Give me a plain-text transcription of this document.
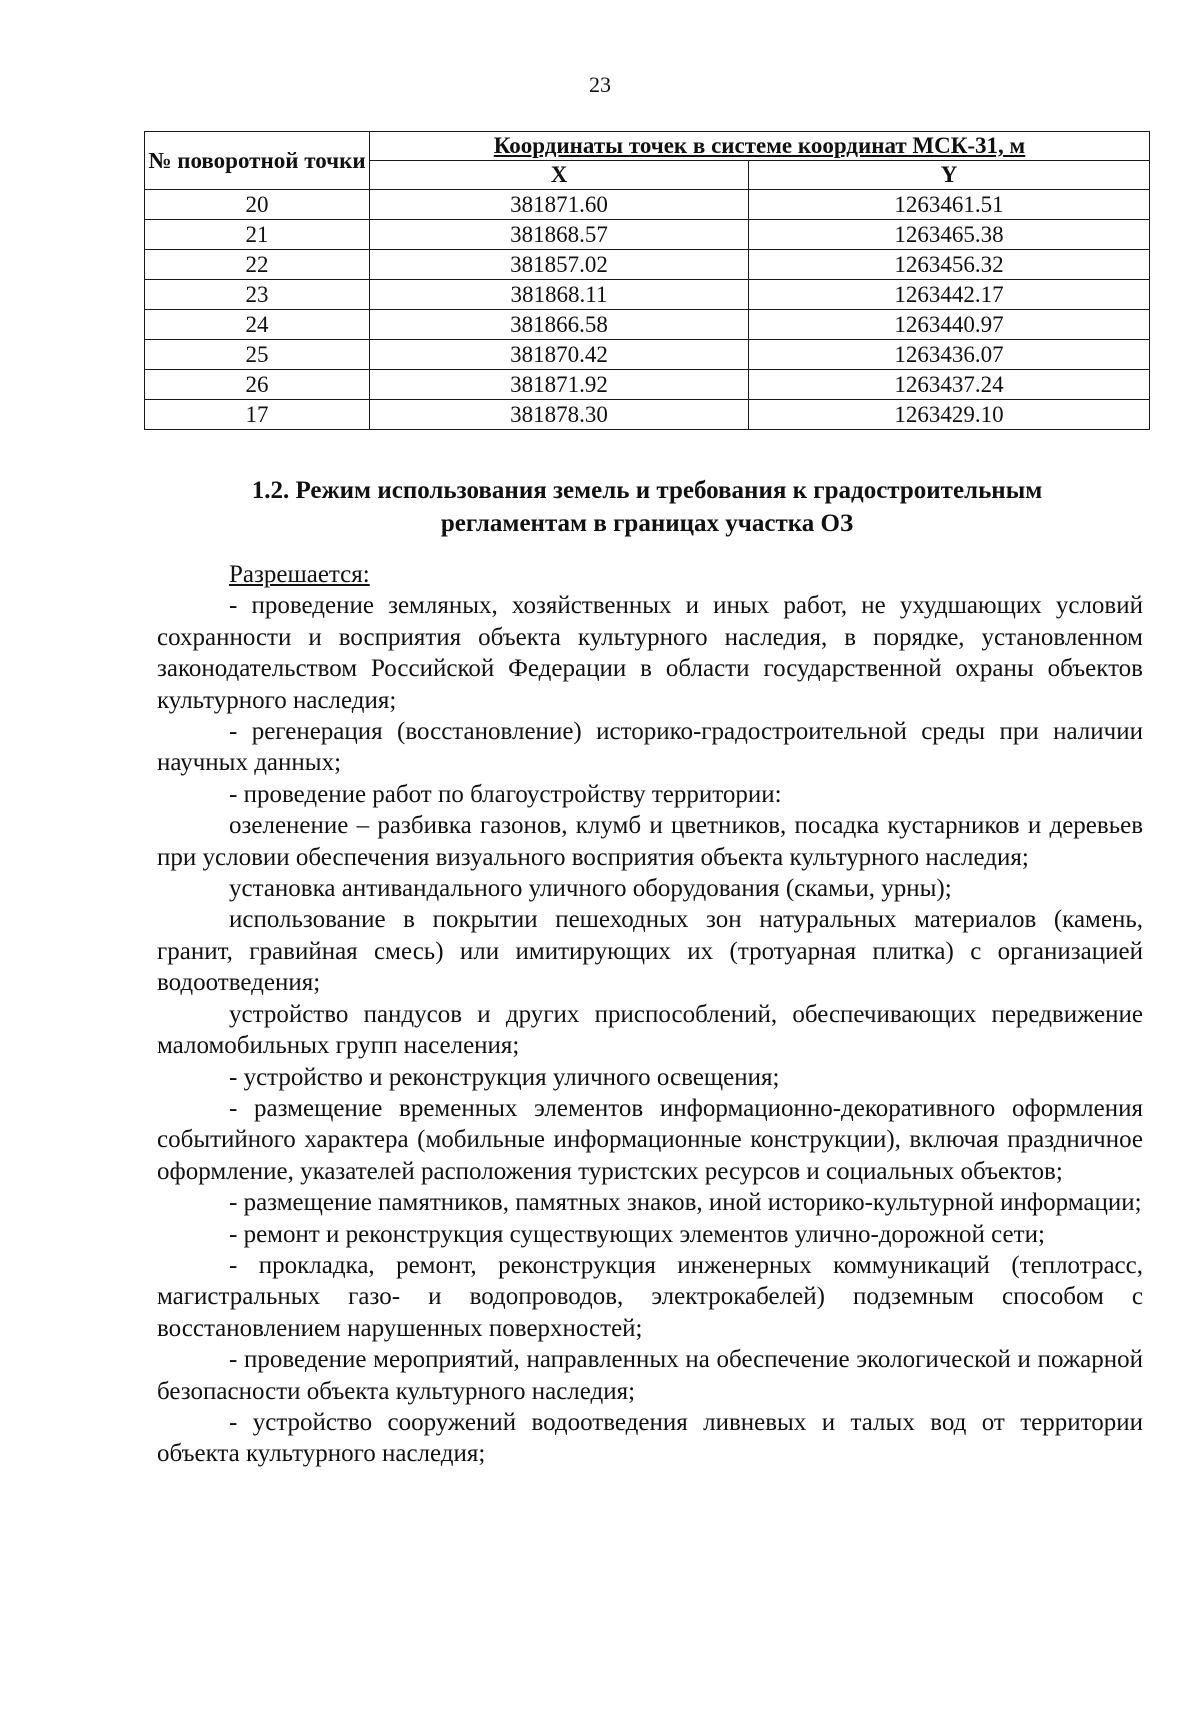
23
№ поворотной точки	Координаты точек в системе координат МСК-31, м	
	X	Y
20	381871.60	1263461.51
21	381868.57	1263465.38
22	381857.02	1263456.32
23	381868.11	1263442.17
24	381866.58	1263440.97
25	381870.42	1263436.07
26	381871.92	1263437.24
17	381878.30	1263429.10
1.2. Режим использования земель и требования к градостроительным
регламентам в границах участка ОЗ

Разрешается:

- проведение земляных, хозяйственных и иных работ, не ухудшающих условий сохранности и восприятия объекта культурного наследия, в порядке, установленном законодательством Российской Федерации в области государственной охраны объектов культурного наследия;

- регенерация (восстановление) историко-градостроительной среды при наличии научных данных;

- проведение работ по благоустройству территории:

озеленение – разбивка газонов, клумб и цветников, посадка кустарников и деревьев при условии обеспечения визуального восприятия объекта культурного наследия;

установка антивандального уличного оборудования (скамьи, урны);

использование в покрытии пешеходных зон натуральных материалов (камень, гранит, гравийная смесь) или имитирующих их (тротуарная плитка) с организацией водоотведения;

устройство пандусов и других приспособлений, обеспечивающих передвижение маломобильных групп населения;

- устройство и реконструкция уличного освещения;

- размещение временных элементов информационно-декоративного оформления событийного характера (мобильные информационные конструкции), включая праздничное оформление, указателей расположения туристских ресурсов и социальных объектов;

- размещение памятников, памятных знаков, иной историко-культурной информации;

- ремонт и реконструкция существующих элементов улично-дорожной сети;

- прокладка, ремонт, реконструкция инженерных коммуникаций (теплотрасс, магистральных газо- и водопроводов, электрокабелей) подземным способом с восстановлением нарушенных поверхностей;

- проведение мероприятий, направленных на обеспечение экологической и пожарной безопасности объекта культурного наследия;

- устройство сооружений водоотведения ливневых и талых вод от территории объекта культурного наследия;
